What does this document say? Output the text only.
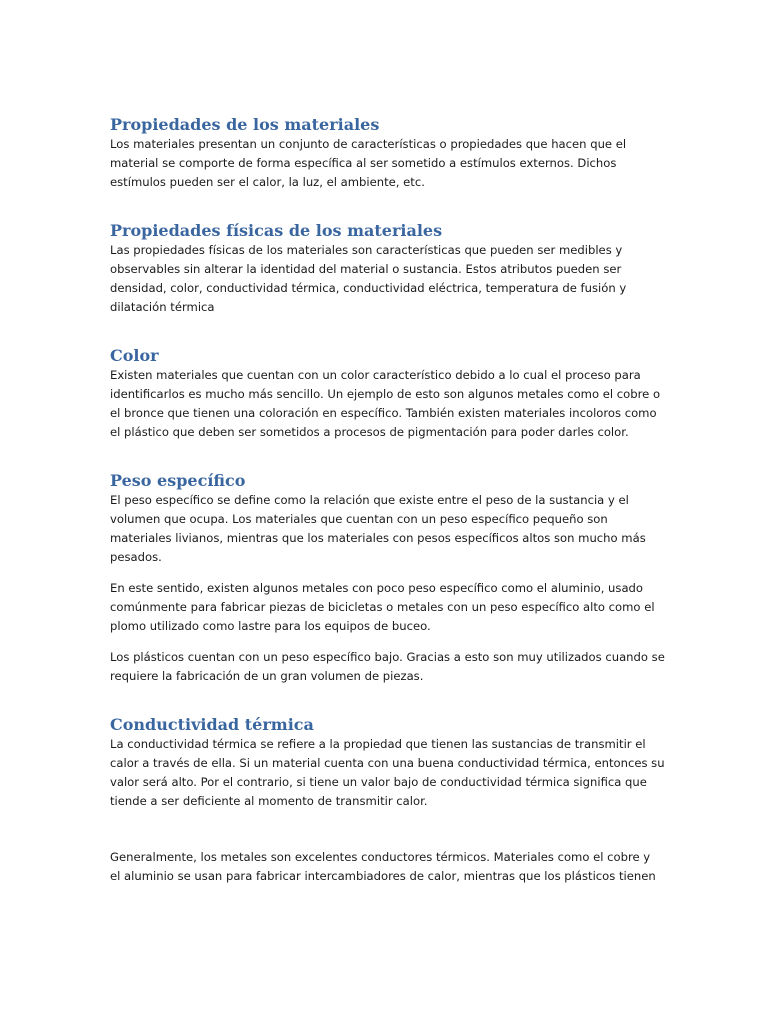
Propiedades de los materiales

Los materiales presentan un conjunto de características o propiedades que hacen que el
material se comporte de forma específica al ser sometido a estímulos externos. Dichos
estímulos pueden ser el calor, la luz, el ambiente, etc.

Propiedades físicas de los materiales

Las propiedades físicas de los materiales son características que pueden ser medibles y
observables sin alterar la identidad del material o sustancia. Estos atributos pueden ser
densidad, color, conductividad térmica, conductividad eléctrica, temperatura de fusión y
dilatación térmica

Color

Existen materiales que cuentan con un color característico debido a lo cual el proceso para
identificarlos es mucho más sencillo. Un ejemplo de esto son algunos metales como el cobre o
el bronce que tienen una coloración en específico. También existen materiales incoloros como
el plástico que deben ser sometidos a procesos de pigmentación para poder darles color.

Peso específico

El peso específico se define como la relación que existe entre el peso de la sustancia y el
volumen que ocupa. Los materiales que cuentan con un peso específico pequeño son
materiales livianos, mientras que los materiales con pesos específicos altos son mucho más
pesados.

En este sentido, existen algunos metales con poco peso específico como el aluminio, usado
comúnmente para fabricar piezas de bicicletas o metales con un peso específico alto como el
plomo utilizado como lastre para los equipos de buceo.

Los plásticos cuentan con un peso específico bajo. Gracias a esto son muy utilizados cuando se
requiere la fabricación de un gran volumen de piezas.

Conductividad térmica

La conductividad térmica se refiere a la propiedad que tienen las sustancias de transmitir el
calor a través de ella. Si un material cuenta con una buena conductividad térmica, entonces su
valor será alto. Por el contrario, si tiene un valor bajo de conductividad térmica significa que
tiende a ser deficiente al momento de transmitir calor.

Generalmente, los metales son excelentes conductores térmicos. Materiales como el cobre y
el aluminio se usan para fabricar intercambiadores de calor, mientras que los plásticos tienen
